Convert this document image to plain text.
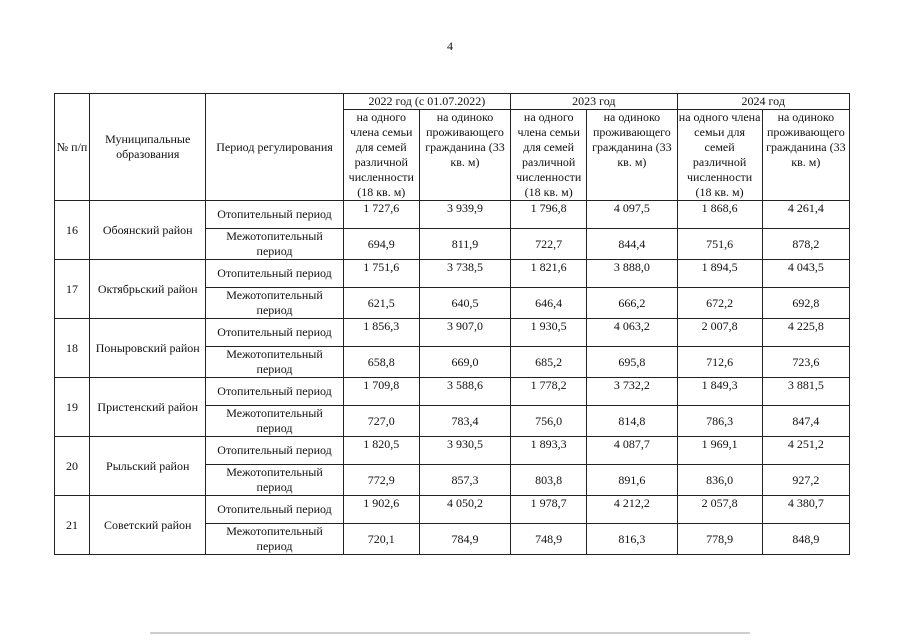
4
№ п/п	Муниципальные образования	Период регулирования	2022 год (с 01.07.2022)		2023 год		2024 год	
			на одного члена семьи для семей различной численности (18 кв. м)	на одиноко проживающего гражданина (33 кв. м)	на одного члена семьи для семей различной численности (18 кв. м)	на одиноко проживающего гражданина (33 кв. м)	на одного члена семьи для семей различной численности (18 кв. м)	на одиноко проживающего гражданина (33 кв. м)
16	Обоянский район	Отопительный период	1 727,6	3 939,9	1 796,8	4 097,5	1 868,6	4 261,4
		Межотопительный период	694,9	811,9	722,7	844,4	751,6	878,2
17	Октябрьский район	Отопительный период	1 751,6	3 738,5	1 821,6	3 888,0	1 894,5	4 043,5
		Межотопительный период	621,5	640,5	646,4	666,2	672,2	692,8
18	Поныровский район	Отопительный период	1 856,3	3 907,0	1 930,5	4 063,2	2 007,8	4 225,8
		Межотопительный период	658,8	669,0	685,2	695,8	712,6	723,6
19	Пристенский район	Отопительный период	1 709,8	3 588,6	1 778,2	3 732,2	1 849,3	3 881,5
		Межотопительный период	727,0	783,4	756,0	814,8	786,3	847,4
20	Рыльский район	Отопительный период	1 820,5	3 930,5	1 893,3	4 087,7	1 969,1	4 251,2
		Межотопительный период	772,9	857,3	803,8	891,6	836,0	927,2
21	Советский район	Отопительный период	1 902,6	4 050,2	1 978,7	4 212,2	2 057,8	4 380,7
		Межотопительный период	720,1	784,9	748,9	816,3	778,9	848,9
